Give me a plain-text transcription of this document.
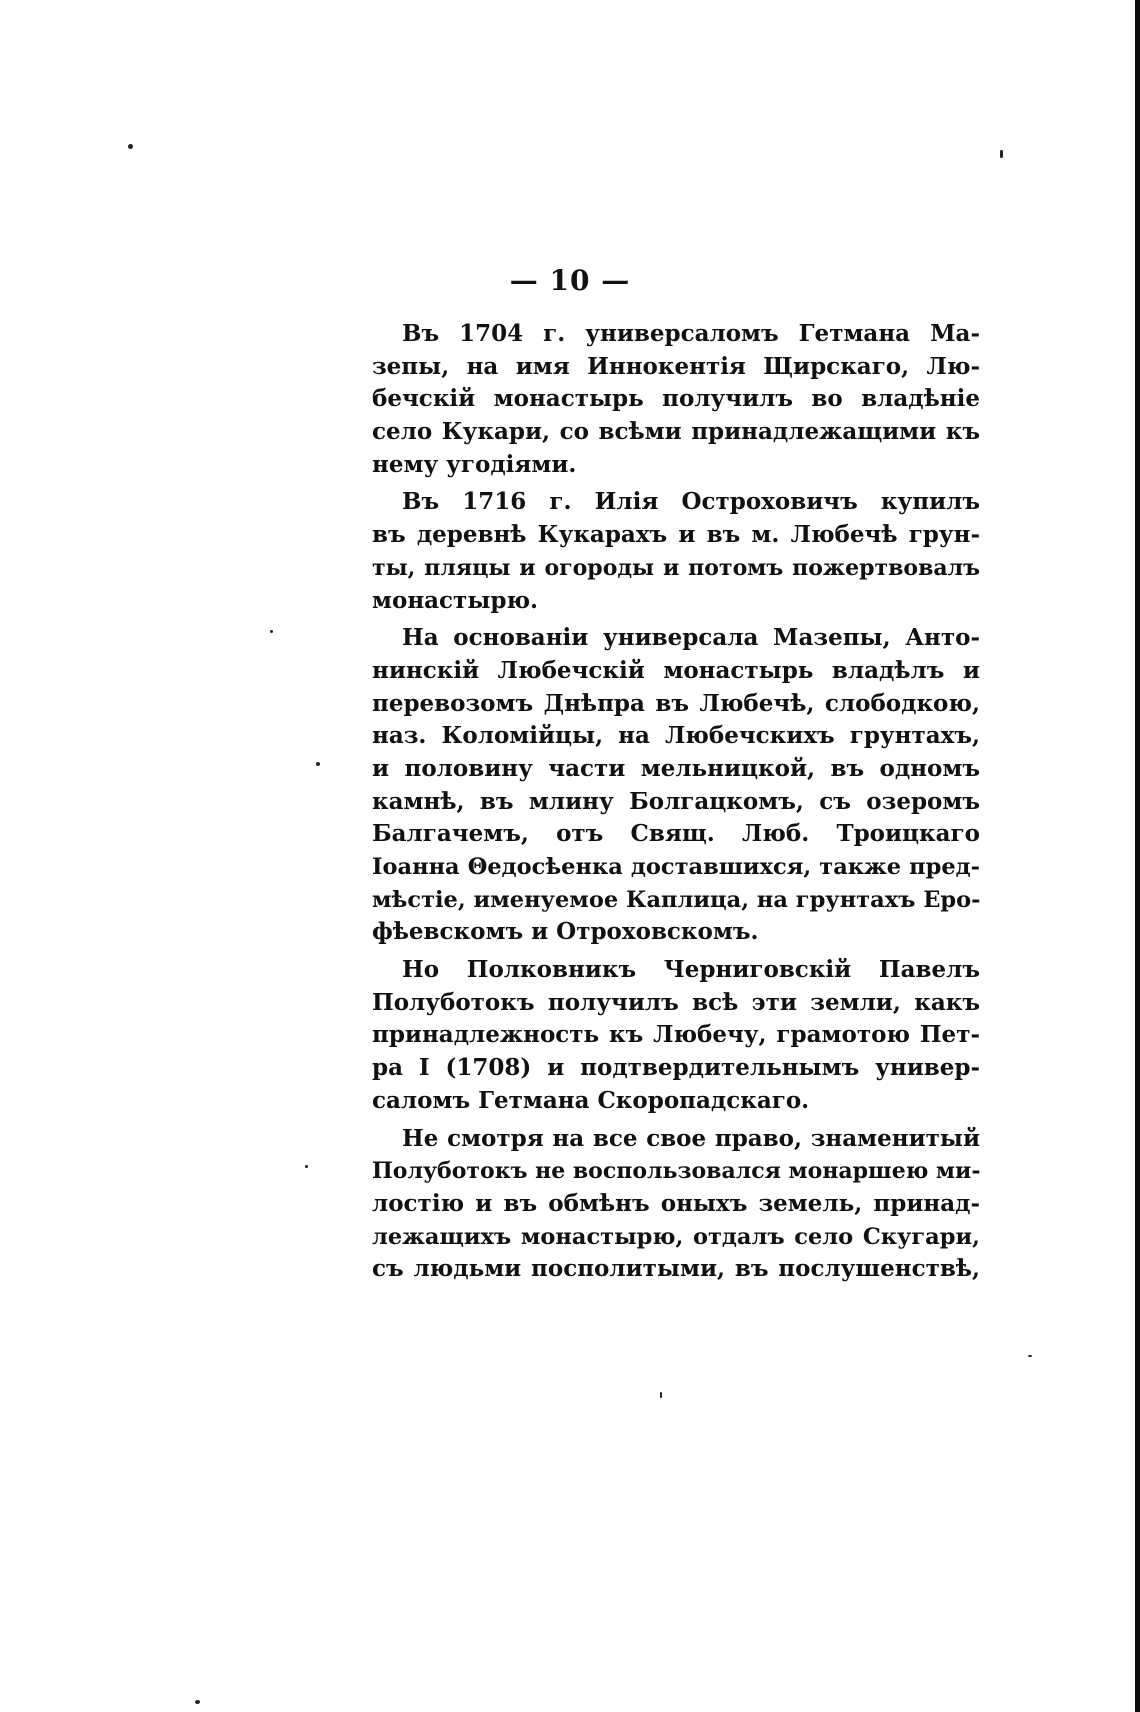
— 10 —
Въ 1704 г. универсаломъ Гетмана Ма-
зепы, на имя Иннокентія Щирскаго, Лю-
бечскій монастырь получилъ во владѣніе
село Кукари, со всѣми принадлежащими къ
нему угодіями.
Въ 1716 г. Илія Остроховичъ купилъ
въ деревнѣ Кукарахъ и въ м. Любечѣ грун-
ты, пляцы и огороды и потомъ пожертвовалъ
монастырю.
На основаніи универсала Мазепы, Анто-
нинскій Любечскій монастырь владѣлъ и
перевозомъ Днѣпра въ Любечѣ, слободкою,
наз. Коломійцы, на Любечскихъ грунтахъ,
и половину части мельницкой, въ одномъ
камнѣ, въ млину Болгацкомъ, съ озеромъ
Балгачемъ, отъ Свящ. Люб. Троицкаго
Іоанна Θедосѣенка доставшихся, также пред-
мѣстіе, именуемое Каплица, на грунтахъ Еро-
фѣевскомъ и Отроховскомъ.
Но Полковникъ Черниговскій Павелъ
Полуботокъ получилъ всѣ эти земли, какъ
принадлежность къ Любечу, грамотою Пет-
ра I (1708) и подтвердительнымъ универ-
саломъ Гетмана Скоропадскаго.
Не смотря на все свое право, знаменитый
Полуботокъ не воспользовался монаршею ми-
лостію и въ обмѣнъ оныхъ земель, принад-
лежащихъ монастырю, отдалъ село Скугари,
съ людьми посполитыми, въ послушенствѣ,
